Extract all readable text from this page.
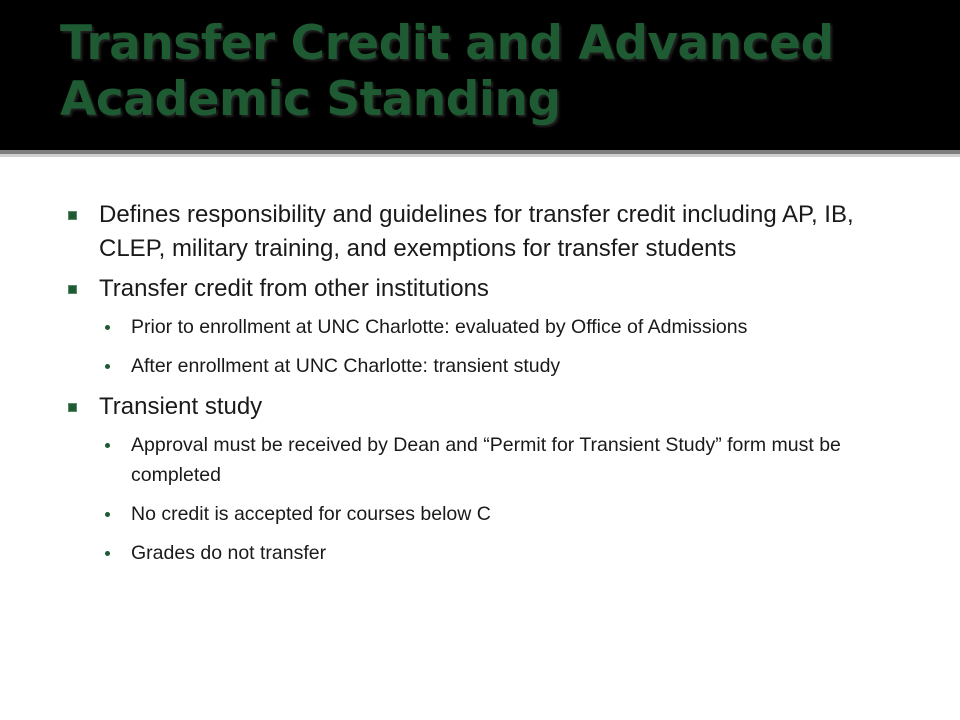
Transfer Credit and Advanced Academic Standing
Defines responsibility and guidelines for transfer credit including AP, IB, CLEP, military training, and exemptions for transfer students
Transfer credit from other institutions
Prior to enrollment at UNC Charlotte: evaluated by Office of Admissions
After enrollment at UNC Charlotte: transient study
Transient study
Approval must be received by Dean and “Permit for Transient Study” form must be completed
No credit is accepted for courses below C
Grades do not transfer
